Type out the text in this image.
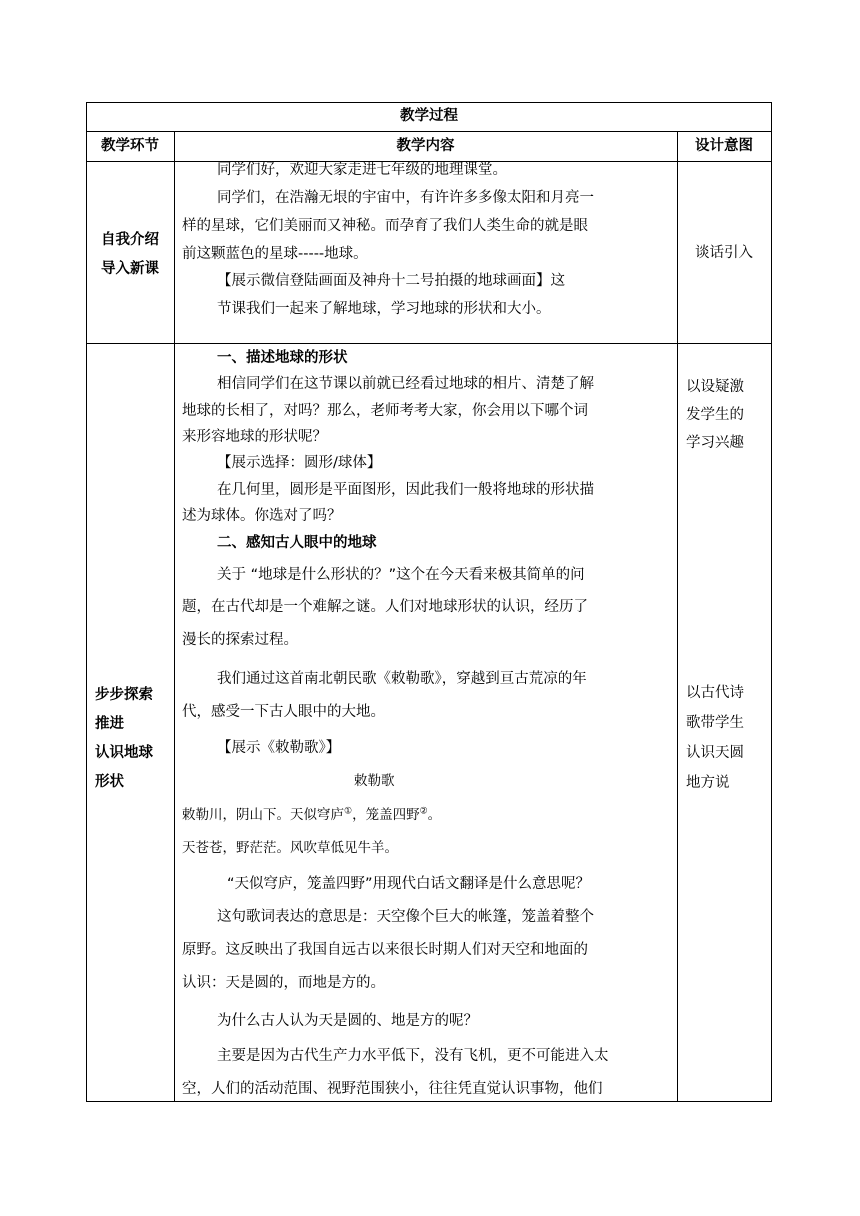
教学过程
教学环节	教学内容	设计意图
自我介绍
导入新课
同学们好，欢迎大家走进七年级的地理课堂。
同学们，在浩瀚无垠的宇宙中，有许许多多像太阳和月亮一
样的星球，它们美丽而又神秘。而孕育了我们人类生命的就是眼
前这颗蓝色的星球-----地球。
【展示微信登陆画面及神舟十二号拍摄的地球画面】这
节课我们一起来了解地球，学习地球的形状和大小。
谈话引入
步步探索
推进
认识地球
形状
一、描述地球的形状
相信同学们在这节课以前就已经看过地球的相片、清楚了解
地球的长相了，对吗？那么，老师考考大家，你会用以下哪个词
来形容地球的形状呢？
【展示选择：圆形/球体】
在几何里，圆形是平面图形，因此我们一般将地球的形状描
述为球体。你选对了吗？
二、感知古人眼中的地球
关于 “地球是什么形状的？”这个在今天看来极其简单的问
题，在古代却是一个难解之谜。人们对地球形状的认识，经历了
漫长的探索过程。
我们通过这首南北朝民歌《敕勒歌》，穿越到亘古荒凉的年
代，感受一下古人眼中的大地。
【展示《敕勒歌》】
敕勒歌
敕勒川，阴山下。天似穹庐①，笼盖四野②。
天苍苍，野茫茫。风吹草低见牛羊。
“天似穹庐，笼盖四野”用现代白话文翻译是什么意思呢？
这句歌词表达的意思是：天空像个巨大的帐篷，笼盖着整个
原野。这反映出了我国自远古以来很长时期人们对天空和地面的
认识：天是圆的，而地是方的。
为什么古人认为天是圆的、地是方的呢？
主要是因为古代生产力水平低下，没有飞机，更不可能进入太
空，人们的活动范围、视野范围狭小，往往凭直觉认识事物，他们
以设疑激
发学生的
学习兴趣
以古代诗
歌带学生
认识天圆
地方说
